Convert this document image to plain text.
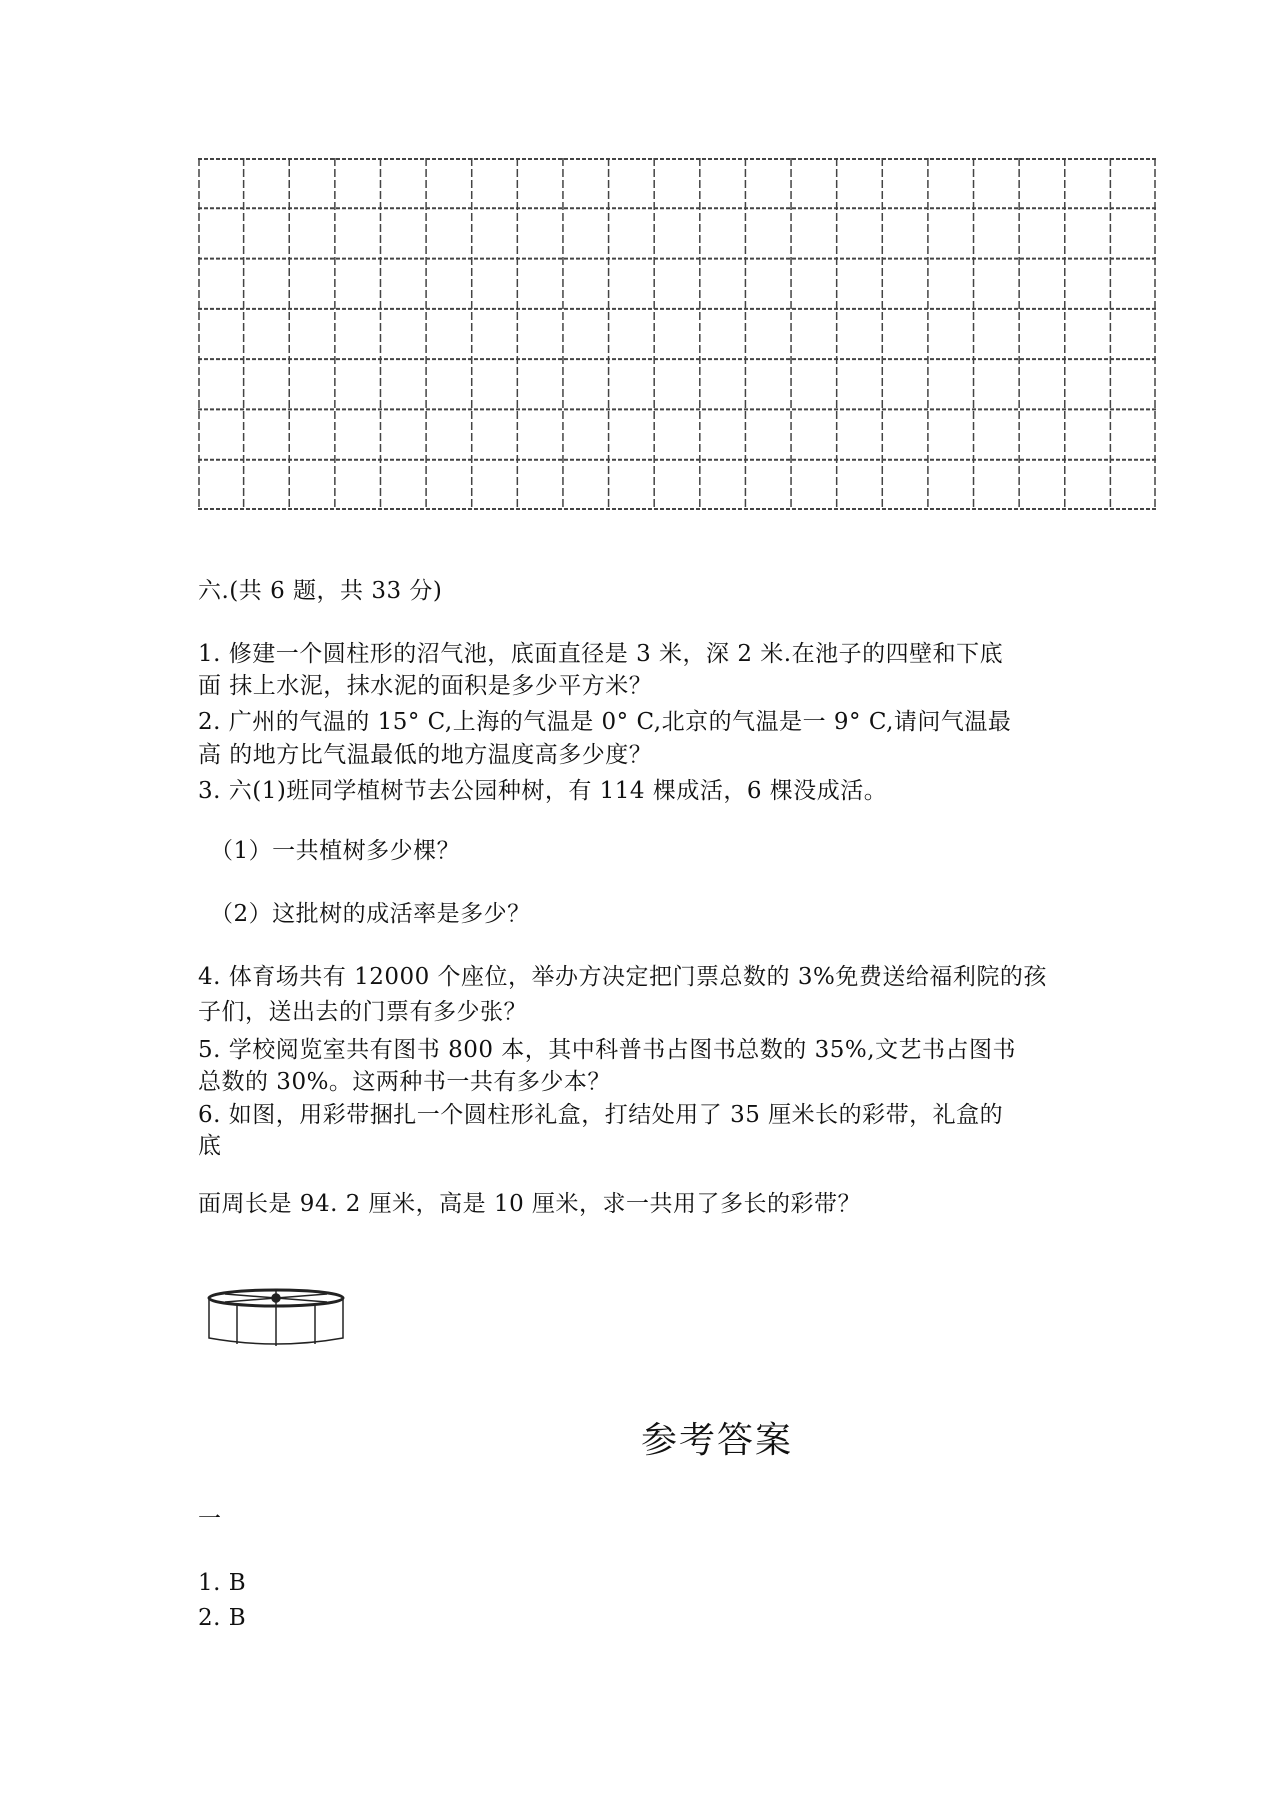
六.(共 6 题，共 33 分)
1. 修建一个圆柱形的沼气池，底面直径是 3 米，深 2 米.在池子的四壁和下底
面 抹上水泥，抹水泥的面积是多少平方米？
2. 广州的气温的 15° C,上海的气温是 0° C,北京的气温是一 9° C,请问气温最
高 的地方比气温最低的地方温度高多少度？
3. 六(1)班同学植树节去公园种树，有 114 棵成活，6 棵没成活。
（1）一共植树多少棵？
（2）这批树的成活率是多少？
4. 体育场共有 12000 个座位，举办方决定把门票总数的 3%免费送给福利院的孩
子们，送出去的门票有多少张？
5. 学校阅览室共有图书 800 本，其中科普书占图书总数的 35%,文艺书占图书
总数的 30%。这两种书一共有多少本？
6. 如图，用彩带捆扎一个圆柱形礼盒，打结处用了 35 厘米长的彩带，礼盒的
底
面周长是 94. 2 厘米，高是 10 厘米，求一共用了多长的彩带？
参考答案
一
1. B
2. B
